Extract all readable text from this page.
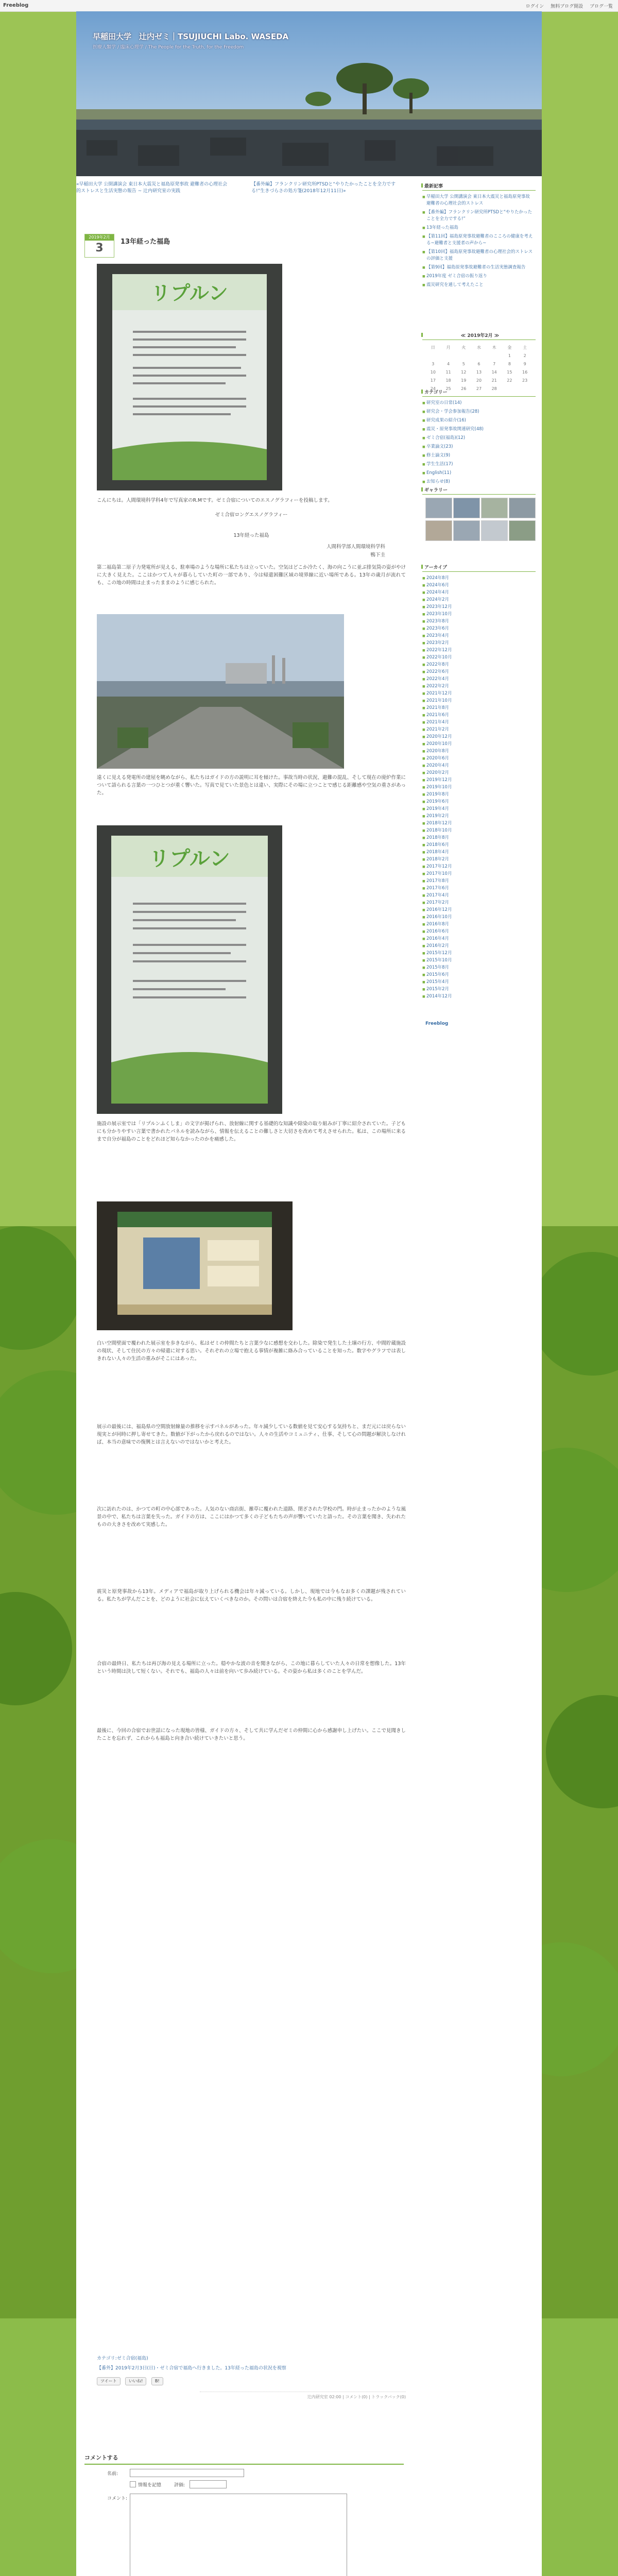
Freeblog	ログイン 無料ブログ開設 ブログ一覧
早稲田大学　辻内ゼミ｜TSUJIUCHI Labo. WASEDA
医療人類学 / 臨床心理学 / The People for the Truth, for the Freedom
«早稲田大学 公開講演会 東日本大震災と福島原発事故 避難者の心理社会的ストレスと生活実態の報告 ~ 辻内研究室の実践
【番外編】フランクリン研究所PTSDと“やりたかったことを全力でする!”生きづらさの処方箋(2018年12月11日)»
2019年2月
3	13年経った福島
リプルン
こんにちは。人間環境科学科4年で写真家のR.Mです。ゼミ合宿についてのエスノグラフィーを投稿します。
ゼミ合宿ロングエスノグラフィー
13年経った福島
人間科学部人間環境科学科
鴨下圭
第二福島第二原子力発電所が見える、駐車場のような場所に私たちは立っていた。空気はどこか冷たく、海の向こうに並ぶ排気筒の姿がやけに大きく見えた。ここはかつて人々が暮らしていた町の一部であり、今は帰還困難区域の境界線に近い場所である。13年の歳月が流れても、この地の時間は止まったままのように感じられた。
遠くに見える発電所の建屋を眺めながら、私たちはガイドの方の説明に耳を傾けた。事故当時の状況、避難の混乱、そして現在の廃炉作業について語られる言葉の一つひとつが重く響いた。写真で見ていた景色とは違い、実際にその場に立つことで感じる距離感や空気の重さがあった。
リプルン
施設の展示室では「リプルンふくしま」の文字が掲げられ、放射線に関する基礎的な知識や除染の取り組みが丁寧に紹介されていた。子どもにも分かりやすい言葉で書かれたパネルを読みながら、情報を伝えることの難しさと大切さを改めて考えさせられた。私は、この場所に来るまで自分が福島のことをどれほど知らなかったのかを痛感した。
白い空間壁面で覆われた展示室を歩きながら、私はゼミの仲間たちと言葉少なに感想を交わした。除染で発生した土壌の行方、中間貯蔵施設の現状、そして住民の方々の帰還に対する思い。それぞれの立場で抱える事情が複雑に絡み合っていることを知った。数字やグラフでは表しきれない人々の生活の重みがそこにはあった。
展示の最後には、福島県の空間放射線量の推移を示すパネルがあった。年々減少している数値を見て安心する気持ちと、まだ元には戻らない現実とが同時に押し寄せてきた。数値が下がったから戻れるのではない。人々の生活やコミュニティ、仕事、そして心の問題が解決しなければ、本当の意味での復興とは言えないのではないかと考えた。
次に訪れたのは、かつての町の中心部であった。人気のない商店街、雑草に覆われた道路、閉ざされた学校の門。時が止まったかのような風景の中で、私たちは言葉を失った。ガイドの方は、ここにはかつて多くの子どもたちの声が響いていたと語った。その言葉を聞き、失われたものの大きさを改めて実感した。
震災と原発事故から13年。メディアで福島が取り上げられる機会は年々減っている。しかし、現地では今もなお多くの課題が残されている。私たちが学んだことを、どのように社会に伝えていくべきなのか。その問いは合宿を終えた今も私の中に残り続けている。
合宿の最終日、私たちは再び海の見える場所に立った。穏やかな波の音を聞きながら、この地に暮らしていた人々の日常を想像した。13年という時間は決して短くない。それでも、福島の人々は前を向いて歩み続けている。その姿から私は多くのことを学んだ。
最後に、今回の合宿でお世話になった現地の皆様、ガイドの方々、そして共に学んだゼミの仲間に心から感謝申し上げたい。ここで見聞きしたことを忘れず、これからも福島と向き合い続けていきたいと思う。
カテゴリ:ゼミ合宿(福島)
【番外】2019年2月3日(日)・ゼミ合宿で福島へ行きました。13年経った福島の状況を視察
ツイート	いいね!	B!
辻内研究室 02:00 | コメント(0) | トラックバック(0)
コメントする
名前:
情報を記憶	評価:
コメント:
最新記事
■ 早稲田大学 公開講演会 東日本大震災と福島原発事故 避難者の心理社会的ストレス
■ 【番外編】フランクリン研究所PTSDと“やりたかったことを全力でする!”
■ 13年経った福島
■ 【第11回】福島原発事故避難者のこころの健康を考える~避難者と支援者の声から~
■ 【第10回】福島原発事故避難者の心理社会的ストレスの評価と支援
■ 【第9回】福島原発事故避難者の生活実態調査報告
■ 2019年度 ゼミ合宿の振り返り
■ 震災研究を通して考えたこと
≪ 2019年2月 ≫
日	月	火	水	木	金	土
					1	2
3	4	5	6	7	8	9
10	11	12	13	14	15	16
17	18	19	20	21	22	23
24	25	26	27	28		
カテゴリー
■ 研究室の日常(14)
■ 研究会・学会参加報告(28)
■ 研究成果の紹介(16)
■ 震災・原発事故関連研究(48)
■ ゼミ合宿(福島)(12)
■ 卒業論文(23)
■ 修士論文(9)
■ 学生生活(17)
■ English(11)
■ お知らせ(8)
ギャラリー
アーカイブ
■ 2024年8月
■ 2024年6月
■ 2024年4月
■ 2024年2月
■ 2023年12月
■ 2023年10月
■ 2023年8月
■ 2023年6月
■ 2023年4月
■ 2023年2月
■ 2022年12月
■ 2022年10月
■ 2022年8月
■ 2022年6月
■ 2022年4月
■ 2022年2月
■ 2021年12月
■ 2021年10月
■ 2021年8月
■ 2021年6月
■ 2021年4月
■ 2021年2月
■ 2020年12月
■ 2020年10月
■ 2020年8月
■ 2020年6月
■ 2020年4月
■ 2020年2月
■ 2019年12月
■ 2019年10月
■ 2019年8月
■ 2019年6月
■ 2019年4月
■ 2019年2月
■ 2018年12月
■ 2018年10月
■ 2018年8月
■ 2018年6月
■ 2018年4月
■ 2018年2月
■ 2017年12月
■ 2017年10月
■ 2017年8月
■ 2017年6月
■ 2017年4月
■ 2017年2月
■ 2016年12月
■ 2016年10月
■ 2016年8月
■ 2016年6月
■ 2016年4月
■ 2016年2月
■ 2015年12月
■ 2015年10月
■ 2015年8月
■ 2015年6月
■ 2015年4月
■ 2015年2月
■ 2014年12月
Freeblog
